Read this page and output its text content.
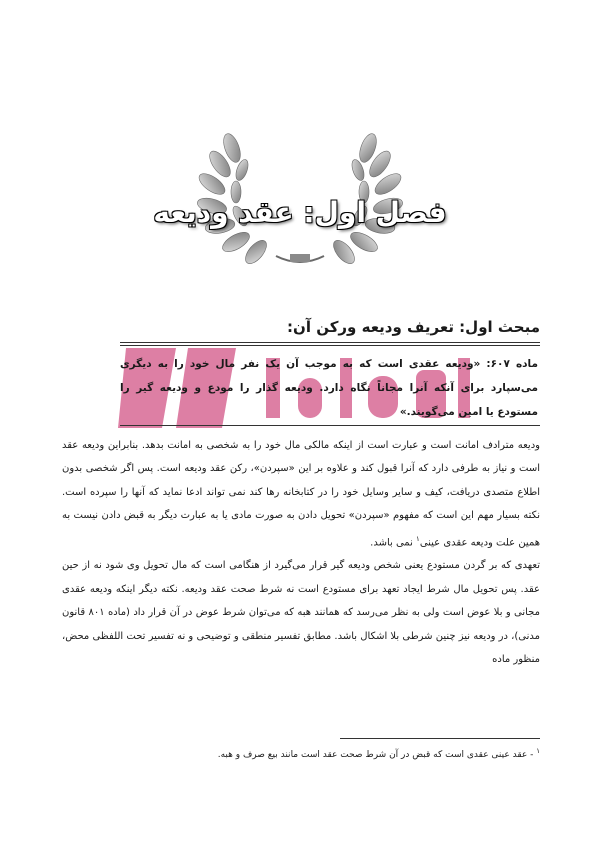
فصل اول: عقد ودیعه
مبحث اول: تعریف ودیعه ورکن آن:
ماده ۶۰۷: «ودیعه عقدی است که به موجب آن یک نفر مال خود را به دیگری می‌سپارد برای آنکه آنرا مجاناً نگاه دارد. ودیعه گذار را مودع و ودیعه گیر را مستودع یا امین می‌گویند.»

ودیعه مترادف امانت است و عبارت است از اینکه مالکی مال خود را به شخصی به امانت بدهد. بنابراین ودیعه عقد است و نیاز به طرفی دارد که آنرا قبول کند و علاوه بر این «سپردن»، رکن عقد ودیعه است. پس اگر شخصی بدون اطلاع متصدی دریافت، کیف و سایر وسایل خود را در کتابخانه رها کند نمی تواند ادعا نماید که آنها را سپرده است. نکته بسیار مهم این است که مفهوم «سپردن» تحویل دادن به صورت مادی یا به عبارت دیگر به قبض دادن نیست به همین علت ودیعه عقدی عینی$^۱$ نمی باشد.

تعهدی که بر گردن مستودع یعنی شخص ودیعه گیر قرار می‌گیرد از هنگامی است که مال تحویل وی شود نه از حین عقد. پس تحویل مال شرط ایجاد تعهد برای مستودع است نه شرط صحت عقد ودیعه. نکته دیگر اینکه ودیعه عقدی مجانی و بلا عوض است ولی به نظر می‌رسد که همانند هبه که می‌توان شرط عوض در آن قرار داد (ماده ۸۰۱ قانون مدنی)، در ودیعه نیز چنین شرطی بلا اشکال باشد. مطابق تفسیر منطقی و توضیحی و نه تفسیر تحت اللفظی محض، منظور ماده

$^۱$ - عقد عینی عقدی است که قبض در آن شرط صحت عقد است مانند بیع صرف و هبه.
